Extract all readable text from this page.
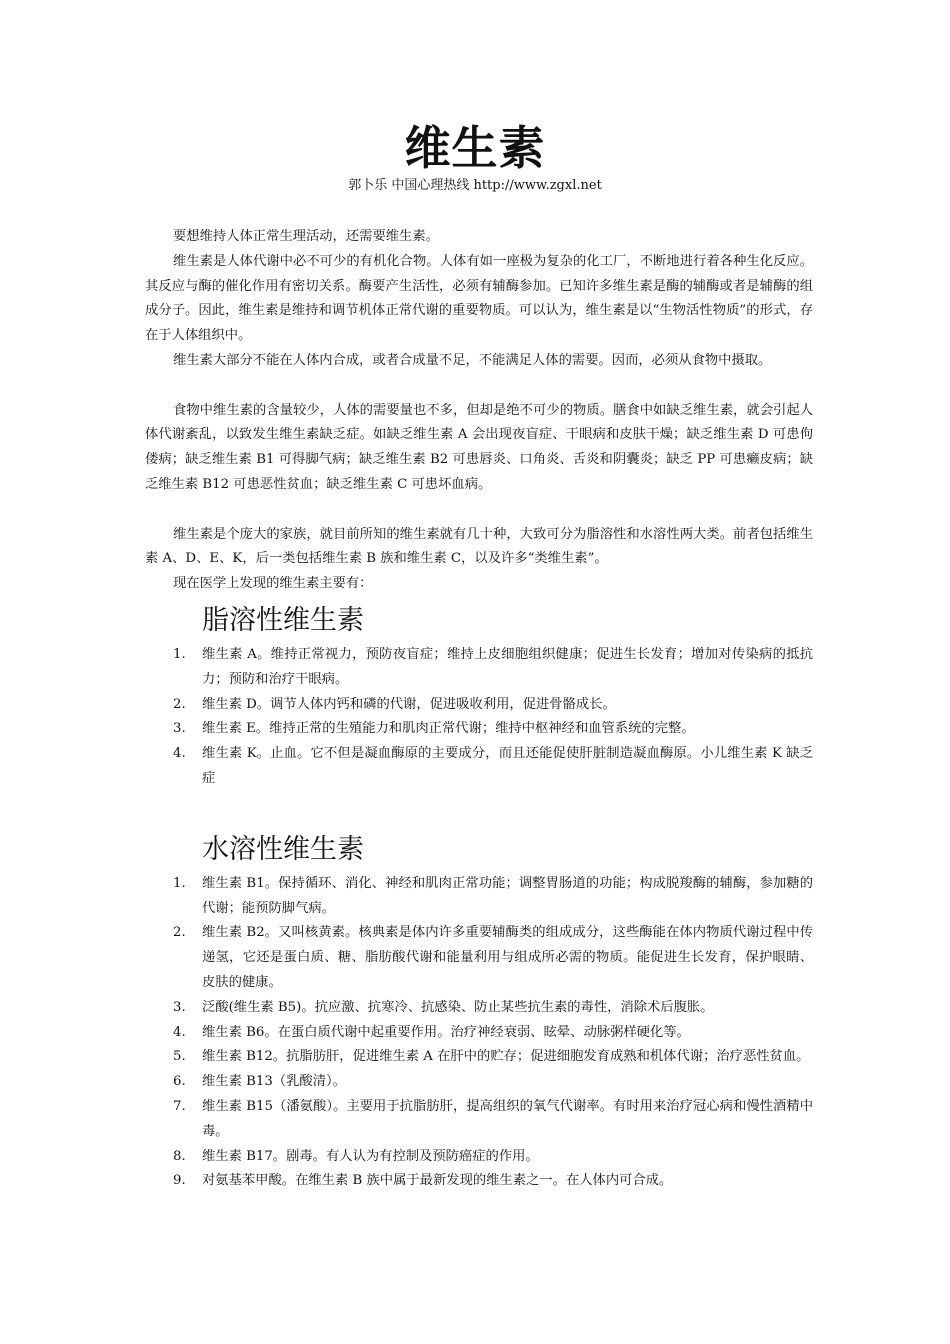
维生素

郭卜乐 中国心理热线 http://www.zgxl.net

要想维持人体正常生理活动，还需要维生素。

维生素是人体代谢中必不可少的有机化合物。人体有如一座极为复杂的化工厂，不断地进行着各种生化反应。其反应与酶的催化作用有密切关系。酶要产生活性，必须有辅酶参加。已知许多维生素是酶的辅酶或者是辅酶的组成分子。因此，维生素是维持和调节机体正常代谢的重要物质。可以认为，维生素是以“生物活性物质”的形式，存在于人体组织中。

维生素大部分不能在人体内合成，或者合成量不足，不能满足人体的需要。因而，必须从食物中摄取。

食物中维生素的含量较少，人体的需要量也不多，但却是绝不可少的物质。膳食中如缺乏维生素，就会引起人体代谢紊乱，以致发生维生素缺乏症。如缺乏维生素 A 会出现夜盲症、干眼病和皮肤干燥；缺乏维生素 D 可患佝偻病；缺乏维生素 B1 可得脚气病；缺乏维生素 B2 可患唇炎、口角炎、舌炎和阴囊炎；缺乏 PP 可患癞皮病；缺乏维生素 B12 可患恶性贫血；缺乏维生素 C 可患坏血病。

维生素是个庞大的家族，就目前所知的维生素就有几十种，大致可分为脂溶性和水溶性两大类。前者包括维生素 A、D、E、K，后一类包括维生素 B 族和维生素 C，以及许多“类维生素”。

现在医学上发现的维生素主要有：

脂溶性维生素
1. 维生素 A。维持正常视力，预防夜盲症；维持上皮细胞组织健康；促进生长发育；增加对传染病的抵抗力；预防和治疗干眼病。
2. 维生素 D。调节人体内钙和磷的代谢，促进吸收利用，促进骨骼成长。
3. 维生素 E。维持正常的生殖能力和肌肉正常代谢；维持中枢神经和血管系统的完整。
4. 维生素 K。止血。它不但是凝血酶原的主要成分，而且还能促使肝脏制造凝血酶原。小儿维生素 K 缺乏症
水溶性维生素
1. 维生素 B1。保持循环、消化、神经和肌肉正常功能；调整胃肠道的功能；构成脱羧酶的辅酶，参加糖的代谢；能预防脚气病。
2. 维生素 B2。又叫核黄素。核典素是体内许多重要辅酶类的组成成分，这些酶能在体内物质代谢过程中传递氢，它还是蛋白质、糖、脂肪酸代谢和能量利用与组成所必需的物质。能促进生长发育，保护眼睛、皮肤的健康。
3. 泛酸(维生素 B5)。抗应激、抗寒冷、抗感染、防止某些抗生素的毒性，消除术后腹胀。
4. 维生素 B6。在蛋白质代谢中起重要作用。治疗神经衰弱、眩晕、动脉粥样硬化等。
5. 维生素 B12。抗脂肪肝，促进维生素 A 在肝中的贮存；促进细胞发育成熟和机体代谢；治疗恶性贫血。
6. 维生素 B13（乳酸清）。
7. 维生素 B15（潘氨酸）。主要用于抗脂肪肝，提高组织的氧气代谢率。有时用来治疗冠心病和慢性酒精中毒。
8. 维生素 B17。剧毒。有人认为有控制及预防癌症的作用。
9. 对氨基苯甲酸。在维生素 B 族中属于最新发现的维生素之一。在人体内可合成。
